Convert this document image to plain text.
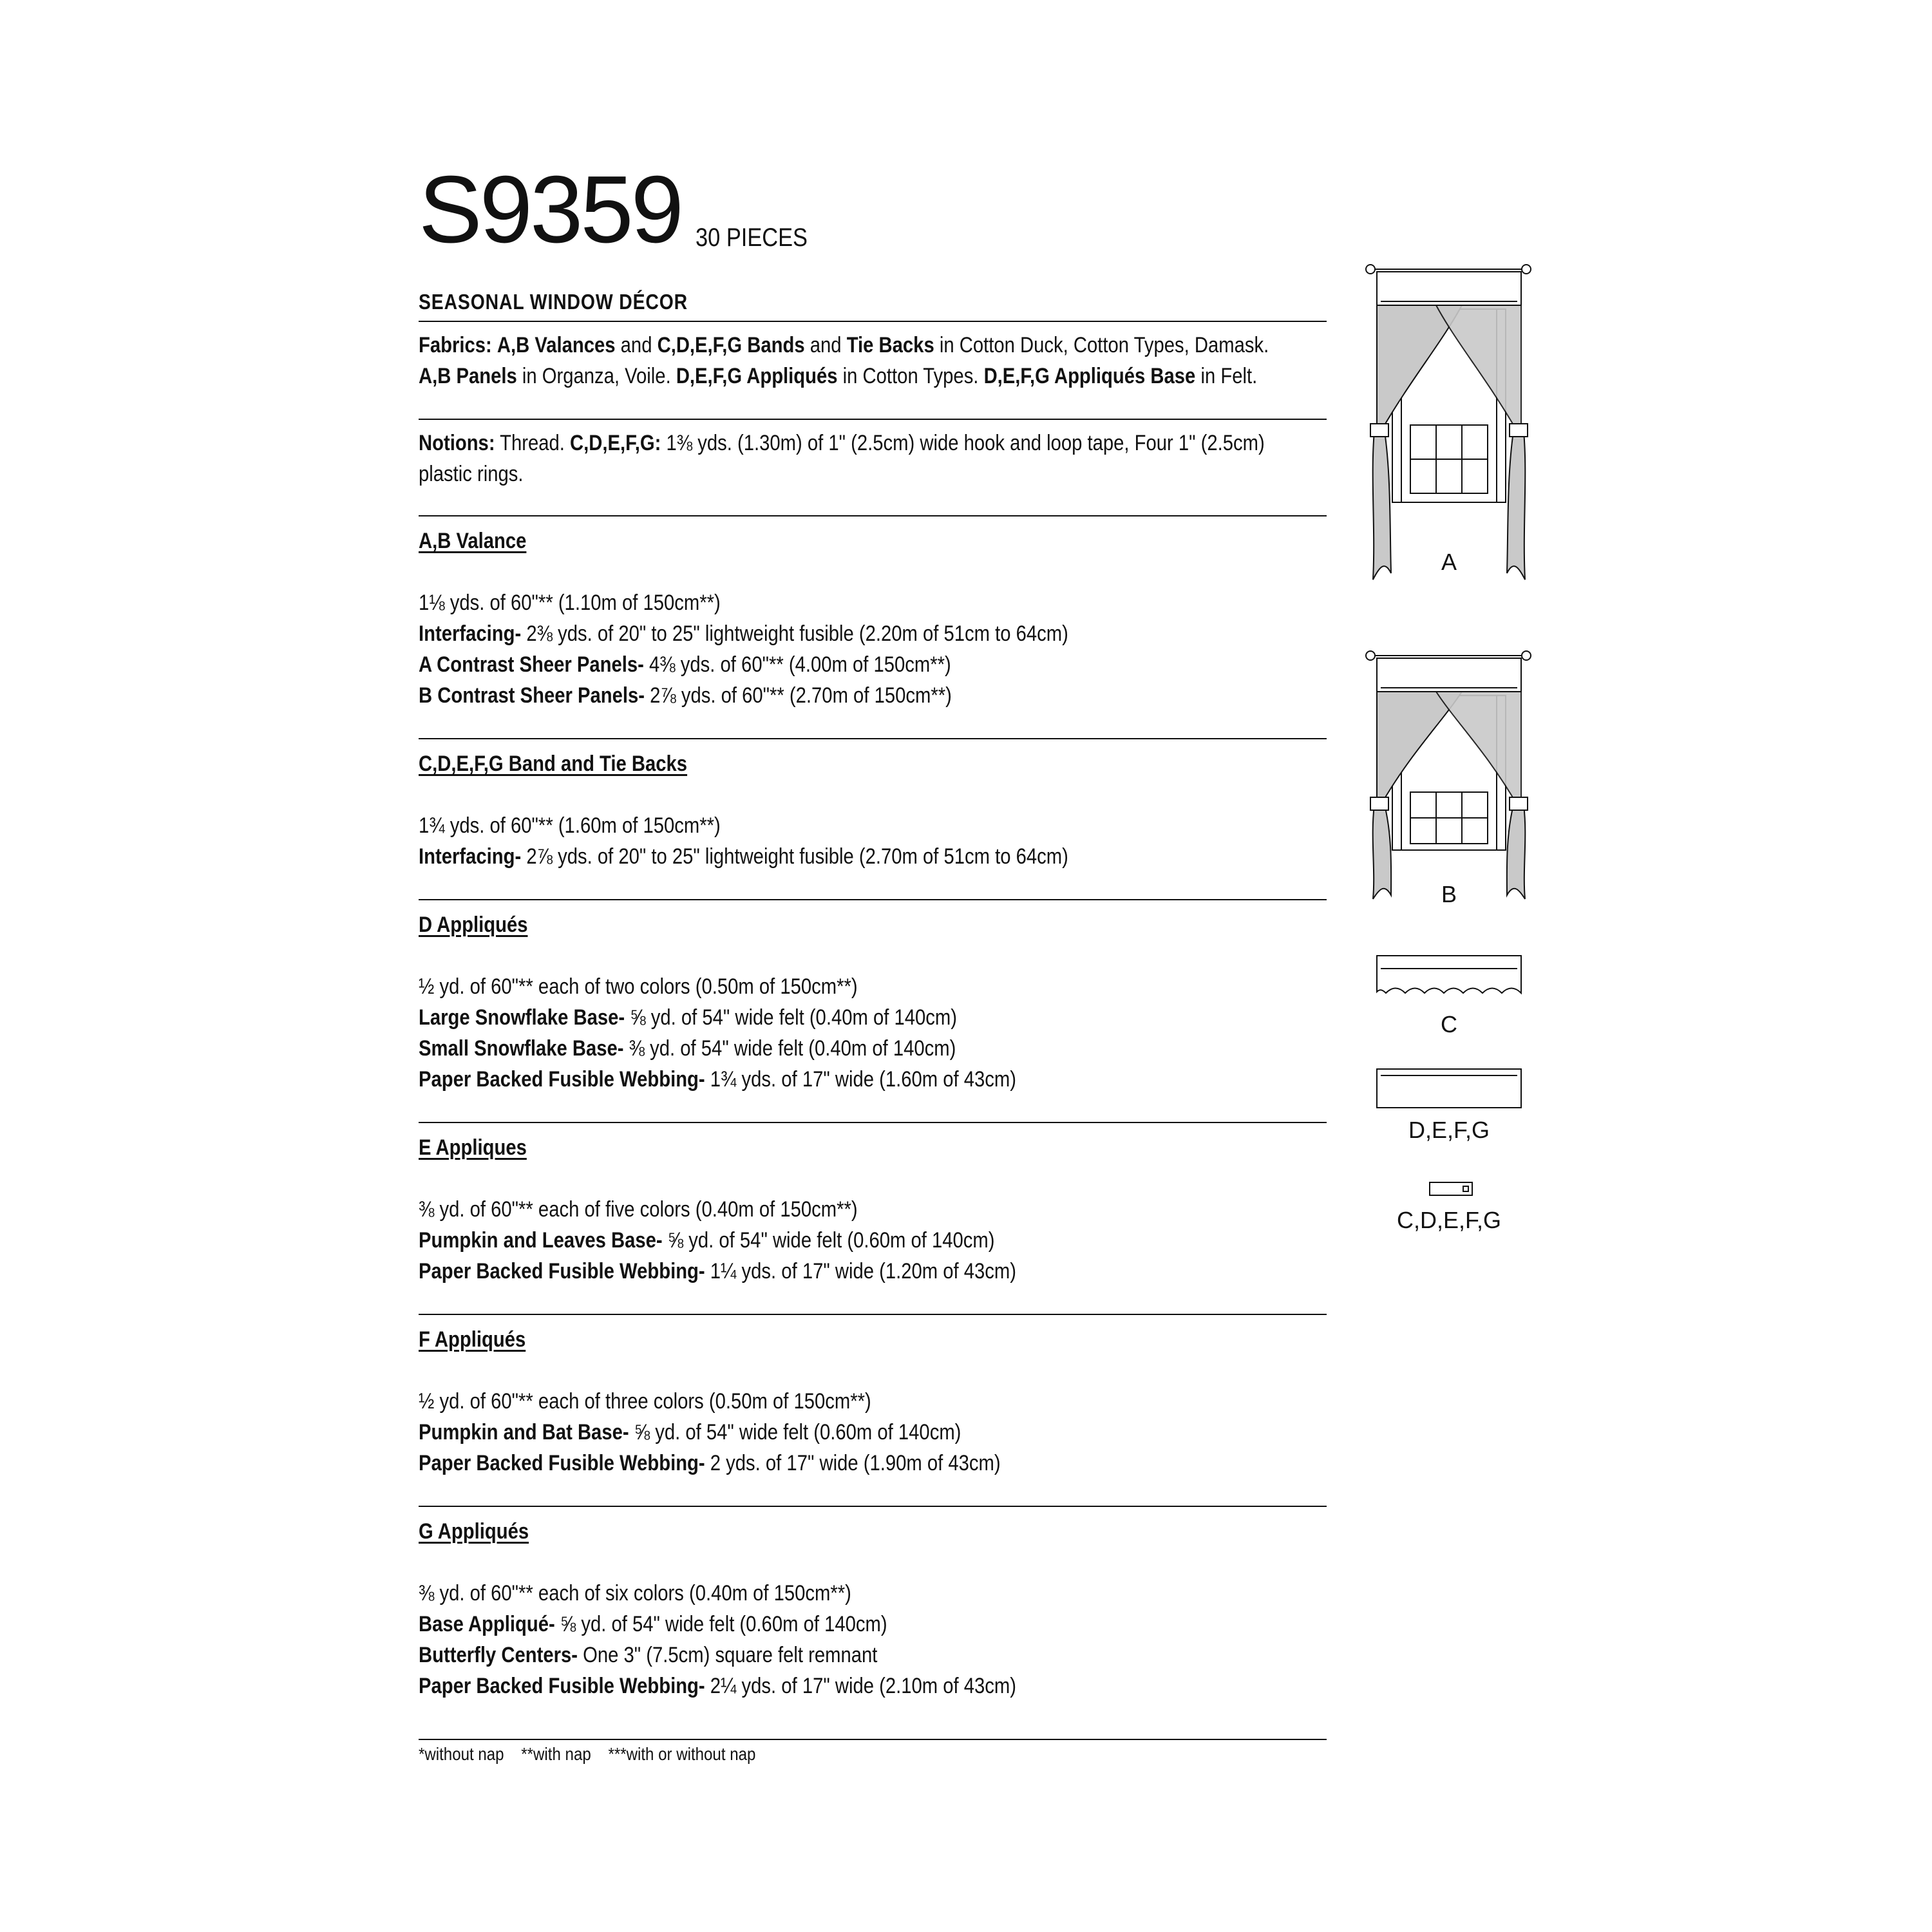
S9359 30 PIECES
SEASONAL WINDOW DÉCOR
Fabrics: A,B Valances and C,D,E,F,G Bands and Tie Backs in Cotton Duck, Cotton Types, Damask.
A,B Panels in Organza, Voile. D,E,F,G Appliqués in Cotton Types. D,E,F,G Appliqués Base in Felt.
Notions: Thread. C,D,E,F,G: 1⅜ yds. (1.30m) of 1" (2.5cm) wide hook and loop tape, Four 1" (2.5cm)
plastic rings.
A,B Valance

1⅛ yds. of 60"** (1.10m of 150cm**)

Interfacing- 2⅜ yds. of 20" to 25" lightweight fusible (2.20m of 51cm to 64cm)

A Contrast Sheer Panels- 4⅜ yds. of 60"** (4.00m of 150cm**)

B Contrast Sheer Panels- 2⅞ yds. of 60"** (2.70m of 150cm**)

C,D,E,F,G Band and Tie Backs

1¾ yds. of 60"** (1.60m of 150cm**)

Interfacing- 2⅞ yds. of 20" to 25" lightweight fusible (2.70m of 51cm to 64cm)

D Appliqués

½ yd. of 60"** each of two colors (0.50m of 150cm**)

Large Snowflake Base- ⅝ yd. of 54" wide felt (0.40m of 140cm)

Small Snowflake Base- ⅜ yd. of 54" wide felt (0.40m of 140cm)

Paper Backed Fusible Webbing- 1¾ yds. of 17" wide (1.60m of 43cm)

E Appliques

⅜ yd. of 60"** each of five colors (0.40m of 150cm**)

Pumpkin and Leaves Base- ⅝ yd. of 54" wide felt (0.60m of 140cm)

Paper Backed Fusible Webbing- 1¼ yds. of 17" wide (1.20m of 43cm)

F Appliqués

½ yd. of 60"** each of three colors (0.50m of 150cm**)

Pumpkin and Bat Base- ⅝ yd. of 54" wide felt (0.60m of 140cm)

Paper Backed Fusible Webbing- 2 yds. of 17" wide (1.90m of 43cm)

G Appliqués

⅜ yd. of 60"** each of six colors (0.40m of 150cm**)

Base Appliqué- ⅝ yd. of 54" wide felt (0.60m of 140cm)

Butterfly Centers- One 3" (7.5cm) square felt remnant

Paper Backed Fusible Webbing- 2¼ yds. of 17" wide (2.10m of 43cm)

*without nap    **with nap    ***with or without nap
A
B
C
D,E,F,G
C,D,E,F,G
